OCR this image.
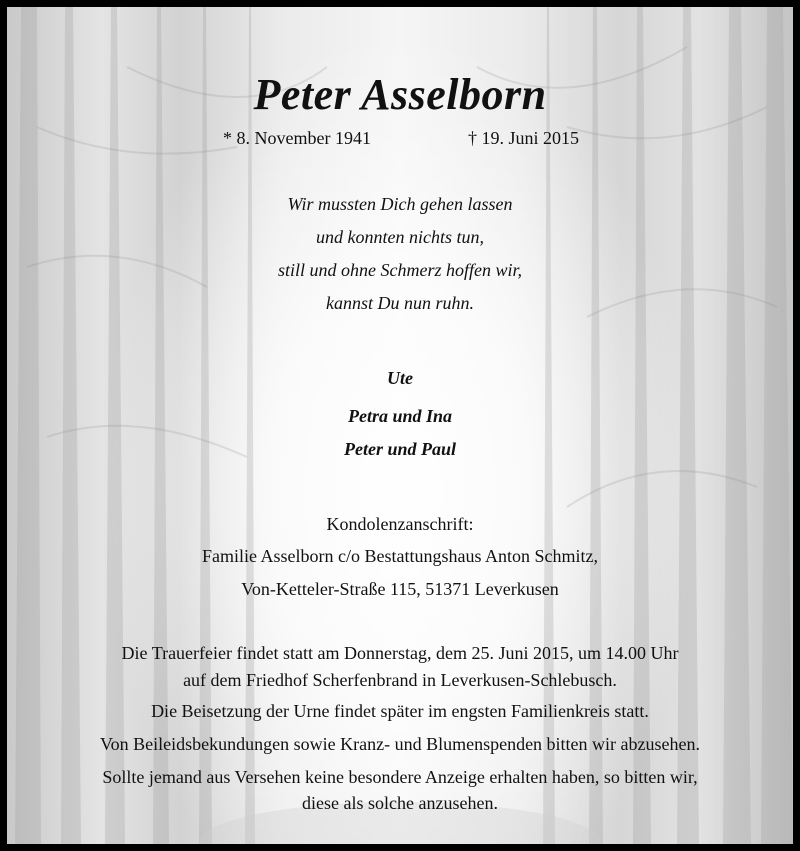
Peter Asselborn
* 8. November 1941	† 19. Juni 2015

Wir mussten Dich gehen lassen

und konnten nichts tun,

still und ohne Schmerz hoffen wir,

kannst Du nun ruhn.

Ute

Petra und Ina

Peter und Paul

Kondolenzanschrift:

Familie Asselborn c/o Bestattungshaus Anton Schmitz,

Von-Ketteler-Straße 115, 51371 Leverkusen

Die Trauerfeier findet statt am Donnerstag, dem 25. Juni 2015, um 14.00 Uhr

auf dem Friedhof Scherfenbrand in Leverkusen-Schlebusch.

Die Beisetzung der Urne findet später im engsten Familienkreis statt.

Von Beileidsbekundungen sowie Kranz- und Blumenspenden bitten wir abzusehen.

Sollte jemand aus Versehen keine besondere Anzeige erhalten haben, so bitten wir,

diese als solche anzusehen.
